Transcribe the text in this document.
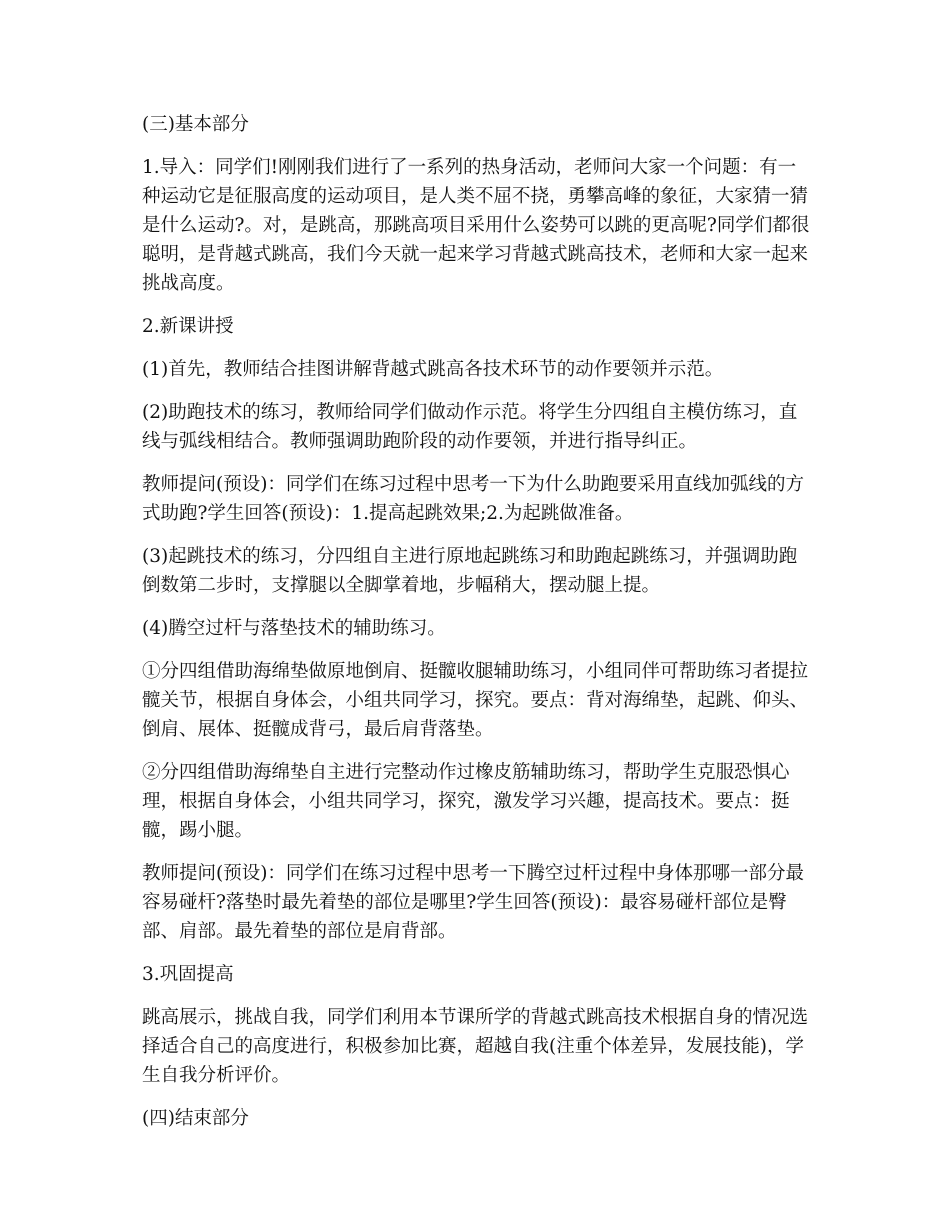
(三)基本部分

1.导入：同学们!刚刚我们进行了一系列的热身活动，老师问大家一个问题：有一种运动它是征服高度的运动项目，是人类不屈不挠，勇攀高峰的象征，大家猜一猜是什么运动?。对，是跳高，那跳高项目采用什么姿势可以跳的更高呢?同学们都很聪明，是背越式跳高，我们今天就一起来学习背越式跳高技术，老师和大家一起来挑战高度。

2.新课讲授

(1)首先，教师结合挂图讲解背越式跳高各技术环节的动作要领并示范。

(2)助跑技术的练习，教师给同学们做动作示范。将学生分四组自主模仿练习，直线与弧线相结合。教师强调助跑阶段的动作要领，并进行指导纠正。

教师提问(预设)：同学们在练习过程中思考一下为什么助跑要采用直线加弧线的方式助跑?学生回答(预设)：1.提高起跳效果;2.为起跳做准备。

(3)起跳技术的练习，分四组自主进行原地起跳练习和助跑起跳练习，并强调助跑倒数第二步时，支撑腿以全脚掌着地，步幅稍大，摆动腿上提。

(4)腾空过杆与落垫技术的辅助练习。

①分四组借助海绵垫做原地倒肩、挺髋收腿辅助练习，小组同伴可帮助练习者提拉髋关节，根据自身体会，小组共同学习，探究。要点：背对海绵垫，起跳、仰头、倒肩、展体、挺髋成背弓，最后肩背落垫。

②分四组借助海绵垫自主进行完整动作过橡皮筋辅助练习，帮助学生克服恐惧心理，根据自身体会，小组共同学习，探究，激发学习兴趣，提高技术。要点：挺髋，踢小腿。

教师提问(预设)：同学们在练习过程中思考一下腾空过杆过程中身体那哪一部分最容易碰杆?落垫时最先着垫的部位是哪里?学生回答(预设)：最容易碰杆部位是臀部、肩部。最先着垫的部位是肩背部。

3.巩固提高

跳高展示，挑战自我，同学们利用本节课所学的背越式跳高技术根据自身的情况选择适合自己的高度进行，积极参加比赛，超越自我(注重个体差异，发展技能)，学生自我分析评价。

(四)结束部分
